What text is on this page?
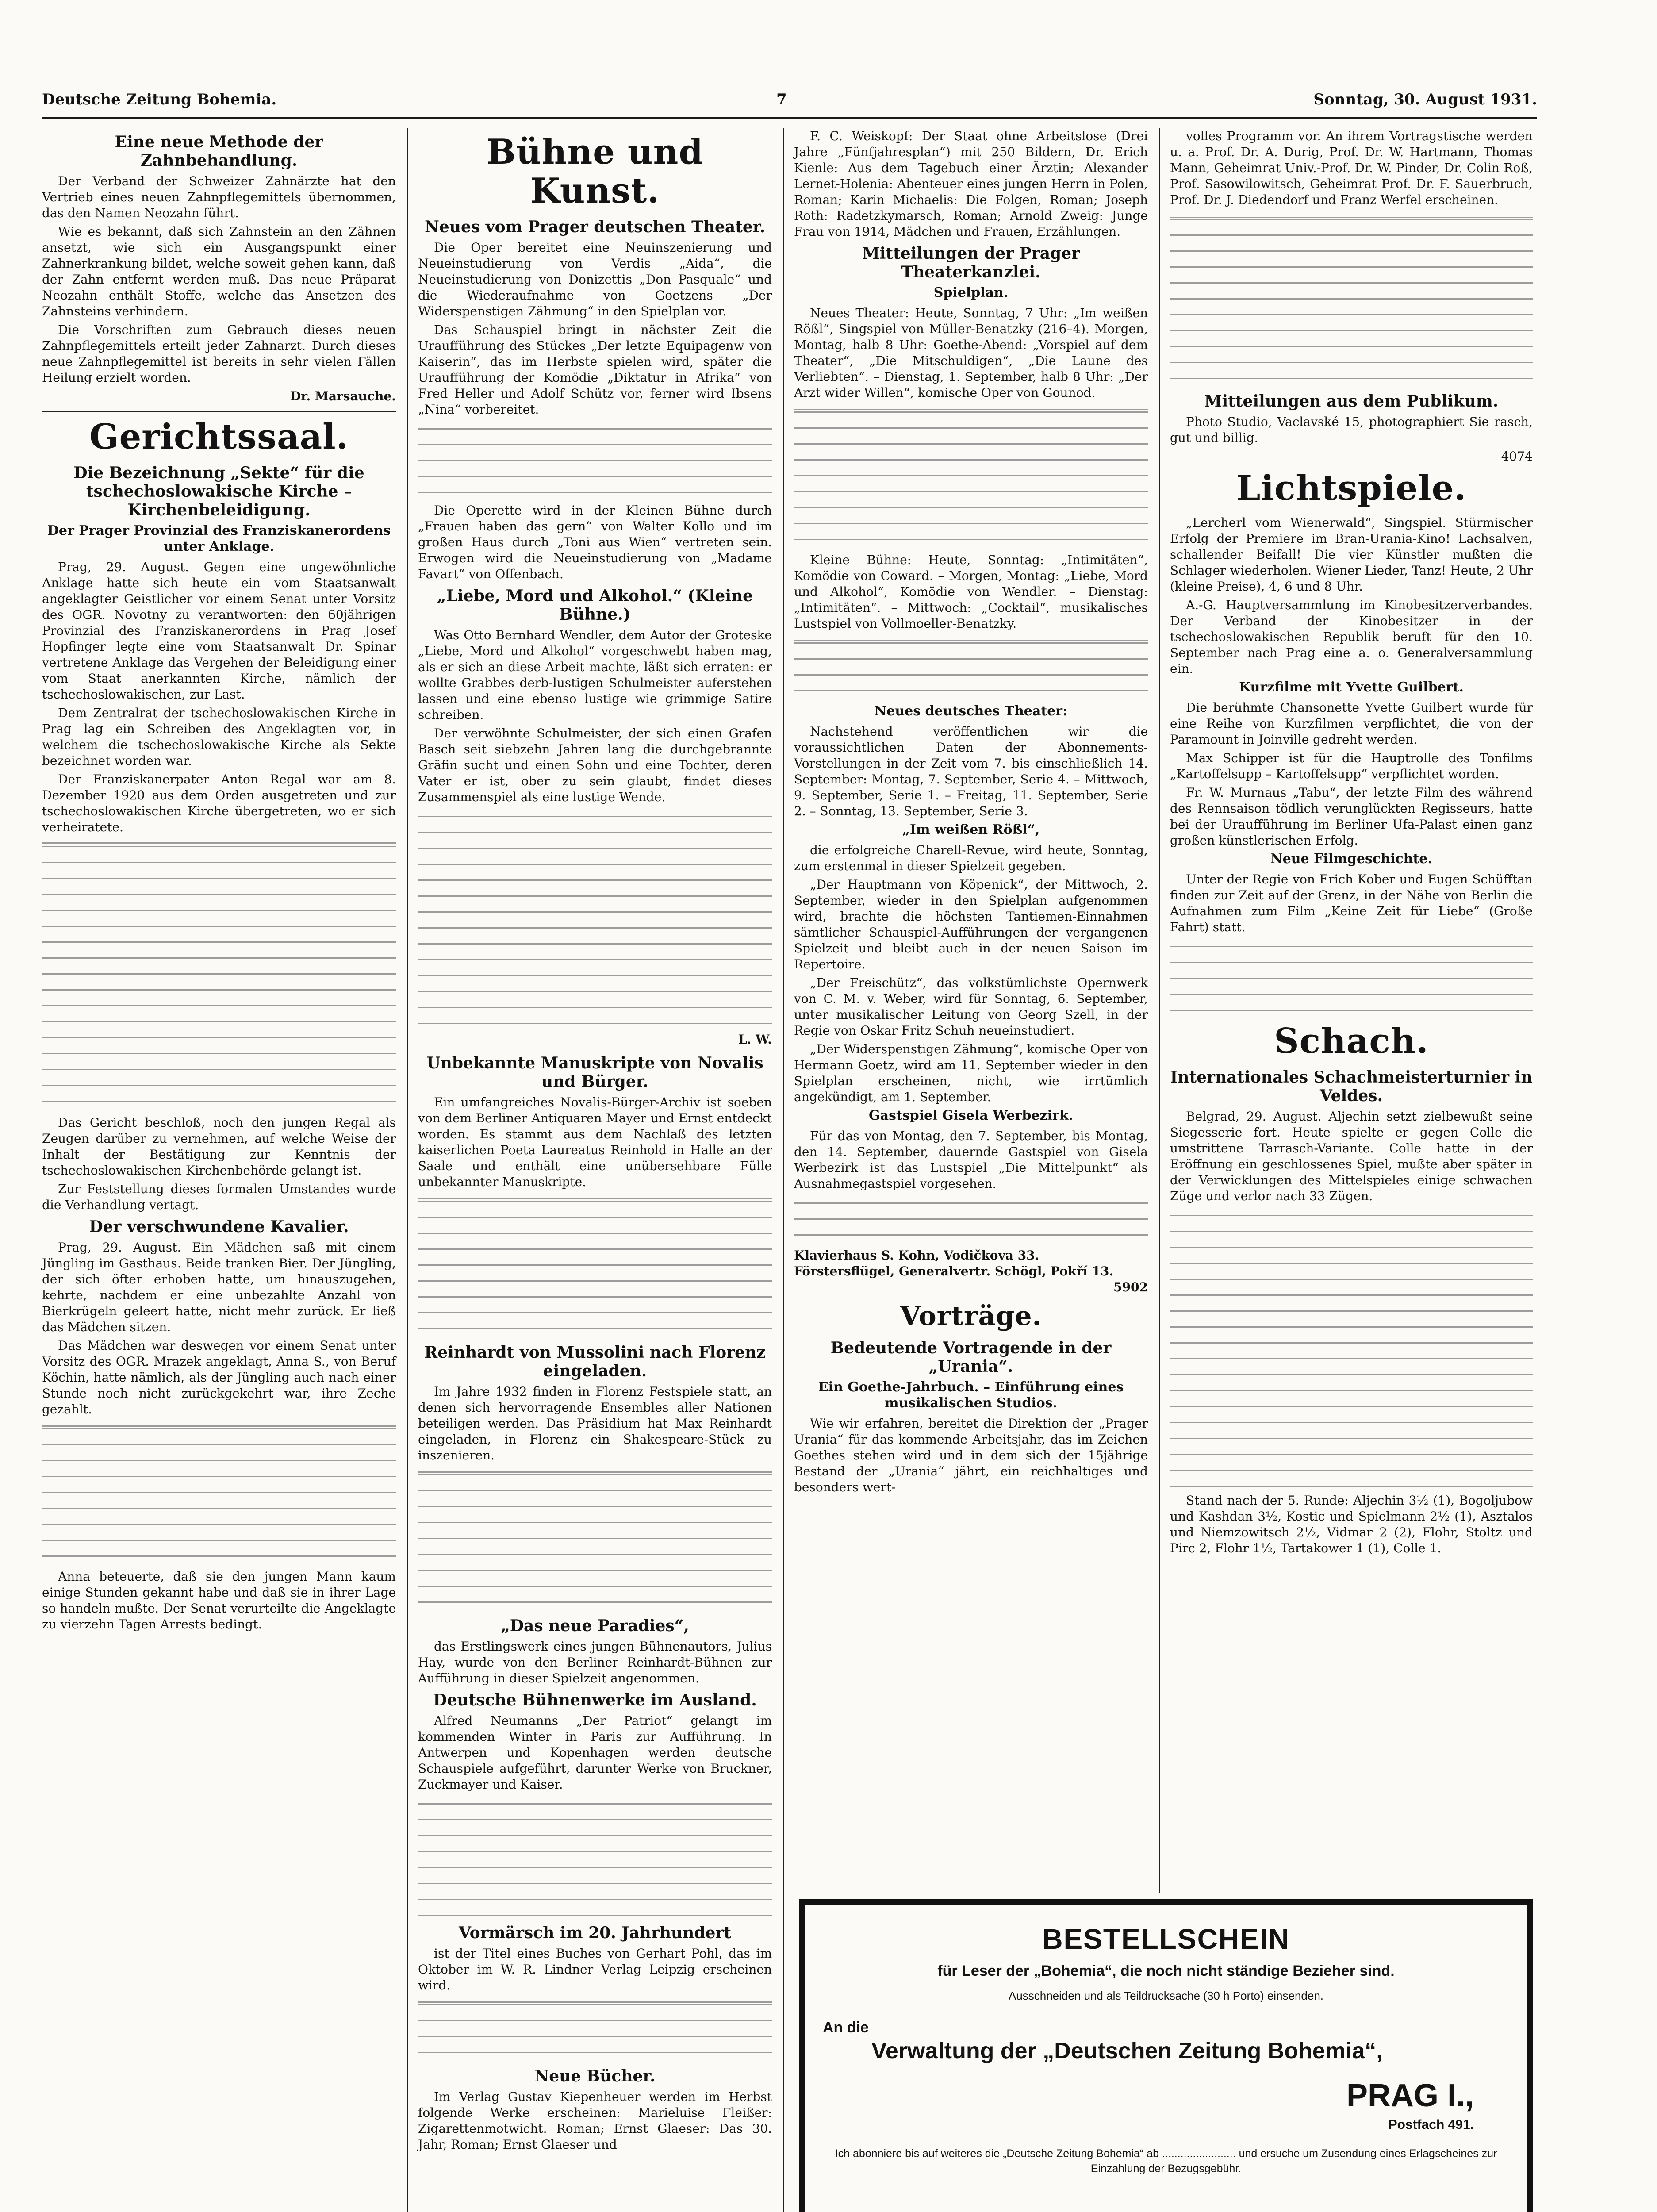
Deutsche Zeitung Bohemia.	7	Sonntag, 30. August 1931.
Eine neue Methode der Zahnbehandlung.

Der Verband der Schweizer Zahnärzte hat den Vertrieb eines neuen Zahnpflegemittels übernommen, das den Namen Neozahn führt.

Wie es bekannt, daß sich Zahnstein an den Zähnen ansetzt, wie sich ein Ausgangspunkt einer Zahnerkrankung bildet, welche soweit gehen kann, daß der Zahn entfernt werden muß. Das neue Präparat Neozahn enthält Stoffe, welche das Ansetzen des Zahnsteins verhindern.

Die Vorschriften zum Gebrauch dieses neuen Zahnpflegemittels erteilt jeder Zahnarzt. Durch dieses neue Zahnpflegemittel ist bereits in sehr vielen Fällen Heilung erzielt worden.

Dr. Marsauche.
Gerichtssaal.
Die Bezeichnung „Sekte“ für die tschechoslowakische Kirche – Kirchenbeleidigung.
Der Prager Provinzial des Franziskanerordens unter Anklage.

Prag, 29. August. Gegen eine ungewöhnliche Anklage hatte sich heute ein vom Staatsanwalt angeklagter Geistlicher vor einem Senat unter Vorsitz des OGR. Novotny zu verantworten: den 60jährigen Provinzial des Franziskanerordens in Prag Josef Hopfinger legte eine vom Staatsanwalt Dr. Spinar vertretene Anklage das Vergehen der Beleidigung einer vom Staat anerkannten Kirche, nämlich der tschechoslowakischen, zur Last.

Dem Zentralrat der tschechoslowakischen Kirche in Prag lag ein Schreiben des Angeklagten vor, in welchem die tschechoslowakische Kirche als Sekte bezeichnet worden war.

Der Franziskanerpater Anton Regal war am 8. Dezember 1920 aus dem Orden ausgetreten und zur tschechoslowakischen Kirche übergetreten, wo er sich verheiratete.

Das Gericht beschloß, noch den jungen Regal als Zeugen darüber zu vernehmen, auf welche Weise der Inhalt der Bestätigung zur Kenntnis der tschechoslowakischen Kirchenbehörde gelangt ist.

Zur Feststellung dieses formalen Umstandes wurde die Verhandlung vertagt.

Der verschwundene Kavalier.

Prag, 29. August. Ein Mädchen saß mit einem Jüngling im Gasthaus. Beide tranken Bier. Der Jüngling, der sich öfter erhoben hatte, um hinauszugehen, kehrte, nachdem er eine unbezahlte Anzahl von Bierkrügeln geleert hatte, nicht mehr zurück. Er ließ das Mädchen sitzen.

Das Mädchen war deswegen vor einem Senat unter Vorsitz des OGR. Mrazek angeklagt, Anna S., von Beruf Köchin, hatte nämlich, als der Jüngling auch nach einer Stunde noch nicht zurückgekehrt war, ihre Zeche gezahlt.

Anna beteuerte, daß sie den jungen Mann kaum einige Stunden gekannt habe und daß sie in ihrer Lage so handeln mußte. Der Senat verurteilte die Angeklagte zu vierzehn Tagen Arrests bedingt.

Bühne und Kunst.
Neues vom Prager deutschen Theater.

Die Oper bereitet eine Neuinszenierung und Neueinstudierung von Verdis „Aida“, die Neueinstudierung von Donizettis „Don Pasquale“ und die Wiederaufnahme von Goetzens „Der Widerspenstigen Zähmung“ in den Spielplan vor.

Das Schauspiel bringt in nächster Zeit die Uraufführung des Stückes „Der letzte Equipagenw von Kaiserin“, das im Herbste spielen wird, später die Uraufführung der Komödie „Diktatur in Afrika“ von Fred Heller und Adolf Schütz vor, ferner wird Ibsens „Nina“ vorbereitet.

Die Operette wird in der Kleinen Bühne durch „Frauen haben das gern“ von Walter Kollo und im großen Haus durch „Toni aus Wien“ vertreten sein. Erwogen wird die Neueinstudierung von „Madame Favart“ von Offenbach.

„Liebe, Mord und Alkohol.“ (Kleine Bühne.)

Was Otto Bernhard Wendler, dem Autor der Groteske „Liebe, Mord und Alkohol“ vorgeschwebt haben mag, als er sich an diese Arbeit machte, läßt sich erraten: er wollte Grabbes derb-lustigen Schulmeister auferstehen lassen und eine ebenso lustige wie grimmige Satire schreiben.

Der verwöhnte Schulmeister, der sich einen Grafen Basch seit siebzehn Jahren lang die durchgebrannte Gräfin sucht und einen Sohn und eine Tochter, deren Vater er ist, ober zu sein glaubt, findet dieses Zusammenspiel als eine lustige Wende.

L. W.
Unbekannte Manuskripte von Novalis und Bürger.

Ein umfangreiches Novalis-Bürger-Archiv ist soeben von dem Berliner Antiquaren Mayer und Ernst entdeckt worden. Es stammt aus dem Nachlaß des letzten kaiserlichen Poeta Laureatus Reinhold in Halle an der Saale und enthält eine unübersehbare Fülle unbekannter Manuskripte.

Reinhardt von Mussolini nach Florenz eingeladen.

Im Jahre 1932 finden in Florenz Festspiele statt, an denen sich hervorragende Ensembles aller Nationen beteiligen werden. Das Präsidium hat Max Reinhardt eingeladen, in Florenz ein Shakespeare-Stück zu inszenieren.

„Das neue Paradies“,

das Erstlingswerk eines jungen Bühnenautors, Julius Hay, wurde von den Berliner Reinhardt-Bühnen zur Aufführung in dieser Spielzeit angenommen.

Deutsche Bühnenwerke im Ausland.

Alfred Neumanns „Der Patriot“ gelangt im kommenden Winter in Paris zur Aufführung. In Antwerpen und Kopenhagen werden deutsche Schauspiele aufgeführt, darunter Werke von Bruckner, Zuckmayer und Kaiser.

Vormärsch im 20. Jahrhundert

ist der Titel eines Buches von Gerhart Pohl, das im Oktober im W. R. Lindner Verlag Leipzig erscheinen wird.

Neue Bücher.

Im Verlag Gustav Kiepenheuer werden im Herbst folgende Werke erscheinen: Marieluise Fleißer: Zigarettenmotwicht. Roman; Ernst Glaeser: Das 30. Jahr, Roman; Ernst Glaeser und

F. C. Weiskopf: Der Staat ohne Arbeitslose (Drei Jahre „Fünfjahresplan“) mit 250 Bildern, Dr. Erich Kienle: Aus dem Tagebuch einer Ärztin; Alexander Lernet-Holenia: Abenteuer eines jungen Herrn in Polen, Roman; Karin Michaelis: Die Folgen, Roman; Joseph Roth: Radetzkymarsch, Roman; Arnold Zweig: Junge Frau von 1914, Mädchen und Frauen, Erzählungen.

Mitteilungen der Prager Theaterkanzlei.
Spielplan.

Neues Theater: Heute, Sonntag, 7 Uhr: „Im weißen Rößl“, Singspiel von Müller-Benatzky (216–4). Morgen, Montag, halb 8 Uhr: Goethe-Abend: „Vorspiel auf dem Theater“, „Die Mitschuldigen“, „Die Laune des Verliebten“. – Dienstag, 1. September, halb 8 Uhr: „Der Arzt wider Willen“, komische Oper von Gounod.

Kleine Bühne: Heute, Sonntag: „Intimitäten“, Komödie von Coward. – Morgen, Montag: „Liebe, Mord und Alkohol“, Komödie von Wendler. – Dienstag: „Intimitäten“. – Mittwoch: „Cocktail“, musikalisches Lustspiel von Vollmoeller-Benatzky.

Neues deutsches Theater:

Nachstehend veröffentlichen wir die voraussichtlichen Daten der Abonnements-Vorstellungen in der Zeit vom 7. bis einschließlich 14. September: Montag, 7. September, Serie 4. – Mittwoch, 9. September, Serie 1. – Freitag, 11. September, Serie 2. – Sonntag, 13. September, Serie 3.

„Im weißen Rößl“,

die erfolgreiche Charell-Revue, wird heute, Sonntag, zum erstenmal in dieser Spielzeit gegeben.

„Der Hauptmann von Köpenick“, der Mittwoch, 2. September, wieder in den Spielplan aufgenommen wird, brachte die höchsten Tantiemen-Einnahmen sämtlicher Schauspiel-Aufführungen der vergangenen Spielzeit und bleibt auch in der neuen Saison im Repertoire.

„Der Freischütz“, das volkstümlichste Opernwerk von C. M. v. Weber, wird für Sonntag, 6. September, unter musikalischer Leitung von Georg Szell, in der Regie von Oskar Fritz Schuh neueinstudiert.

„Der Widerspenstigen Zähmung“, komische Oper von Hermann Goetz, wird am 11. September wieder in den Spielplan erscheinen, nicht, wie irrtümlich angekündigt, am 1. September.

Gastspiel Gisela Werbezirk.

Für das von Montag, den 7. September, bis Montag, den 14. September, dauernde Gastspiel von Gisela Werbezirk ist das Lustspiel „Die Mittelpunkt“ als Ausnahmegastspiel vorgesehen.

Klavierhaus S. Kohn, Vodičkova 33.
Förstersflügel, Generalvertr. Schögl, Pokří 13.
5902
Vorträge.
Bedeutende Vortragende in der „Urania“.
Ein Goethe-Jahrbuch. – Einführung eines musikalischen Studios.

Wie wir erfahren, bereitet die Direktion der „Prager Urania“ für das kommende Arbeitsjahr, das im Zeichen Goethes stehen wird und in dem sich der 15jährige Bestand der „Urania“ jährt, ein reichhaltiges und besonders wert-

volles Programm vor. An ihrem Vortragstische werden u. a. Prof. Dr. A. Durig, Prof. Dr. W. Hartmann, Thomas Mann, Geheimrat Univ.-Prof. Dr. W. Pinder, Dr. Colin Roß, Prof. Sasowilowitsch, Geheimrat Prof. Dr. F. Sauerbruch, Prof. Dr. J. Diedendorf und Franz Werfel erscheinen.

Mitteilungen aus dem Publikum.

Photo Studio, Vaclavské 15, photographiert Sie rasch, gut und billig.

4074
Lichtspiele.

„Lercherl vom Wienerwald“, Singspiel. Stürmischer Erfolg der Premiere im Bran-Urania-Kino! Lachsalven, schallender Beifall! Die vier Künstler mußten die Schlager wiederholen. Wiener Lieder, Tanz! Heute, 2 Uhr (kleine Preise), 4, 6 und 8 Uhr.

A.-G. Hauptversammlung im Kinobesitzerverbandes. Der Verband der Kinobesitzer in der tschechoslowakischen Republik beruft für den 10. September nach Prag eine a. o. Generalversammlung ein.

Kurzfilme mit Yvette Guilbert.

Die berühmte Chansonette Yvette Guilbert wurde für eine Reihe von Kurzfilmen verpflichtet, die von der Paramount in Joinville gedreht werden.

Max Schipper ist für die Hauptrolle des Tonfilms „Kartoffelsupp – Kartoffelsupp“ verpflichtet worden.

Fr. W. Murnaus „Tabu“, der letzte Film des während des Rennsaison tödlich verunglückten Regisseurs, hatte bei der Uraufführung im Berliner Ufa-Palast einen ganz großen künstlerischen Erfolg.

Neue Filmgeschichte.

Unter der Regie von Erich Kober und Eugen Schüfftan finden zur Zeit auf der Grenz, in der Nähe von Berlin die Aufnahmen zum Film „Keine Zeit für Liebe“ (Große Fahrt) statt.

Schach.
Internationales Schachmeisterturnier in Veldes.

Belgrad, 29. August. Aljechin setzt zielbewußt seine Siegesserie fort. Heute spielte er gegen Colle die umstrittene Tarrasch-Variante. Colle hatte in der Eröffnung ein geschlossenes Spiel, mußte aber später in der Verwicklungen des Mittelspieles einige schwachen Züge und verlor nach 33 Zügen.

Stand nach der 5. Runde: Aljechin 3½ (1), Bogoljubow und Kashdan 3½, Kostic und Spielmann 2½ (1), Asztalos und Niemzowitsch 2½, Vidmar 2 (2), Flohr, Stoltz und Pirc 2, Flohr 1½, Tartakower 1 (1), Colle 1.

BESTELLSCHEIN
für Leser der „Bohemia“, die noch nicht ständige Bezieher sind.
Ausschneiden und als Teildrucksache (30 h Porto) einsenden.
An die
Verwaltung der „Deutschen Zeitung Bohemia“,
PRAG I.,
Postfach 491.
Ich abonniere bis auf weiteres die „Deutsche Zeitung Bohemia“ ab ........................ und ersuche um Zusendung eines Erlagscheines zur Einzahlung der Bezugsgebühr.
